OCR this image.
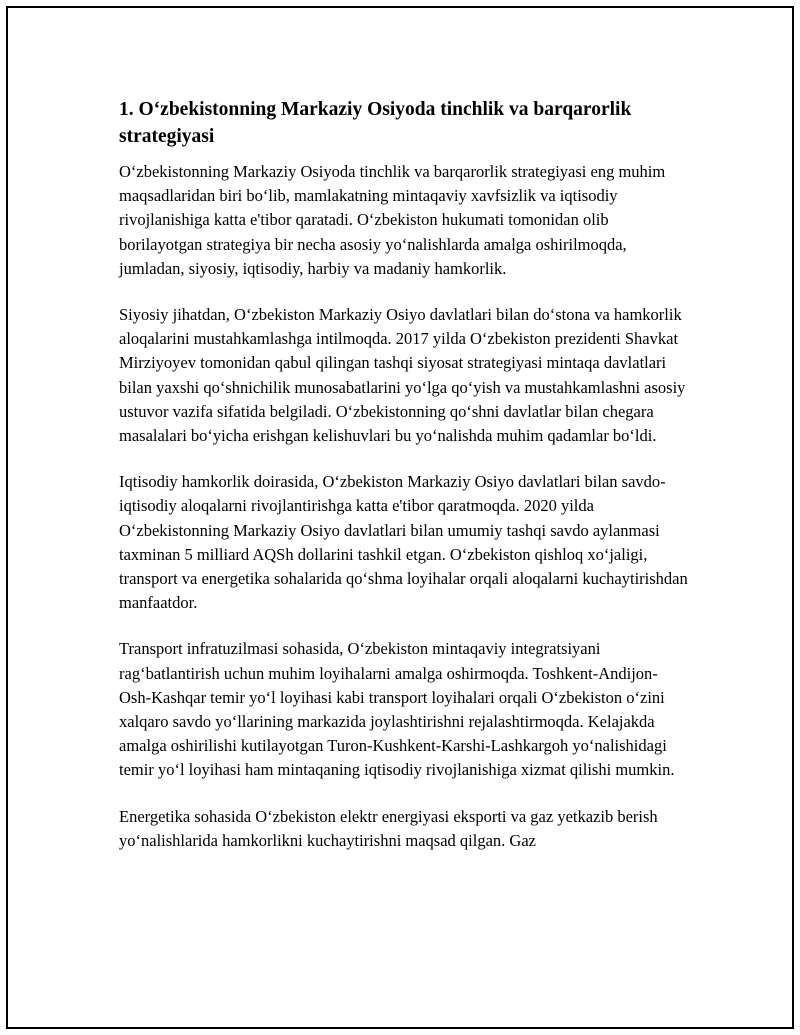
1. O‘zbekistonning Markaziy Osiyoda tinchlik va barqarorlik strategiyasi

O‘zbekistonning Markaziy Osiyoda tinchlik va barqarorlik strategiyasi eng muhim maqsadlaridan biri bo‘lib, mamlakatning mintaqaviy xavfsizlik va iqtisodiy rivojlanishiga katta e'tibor qaratadi. O‘zbekiston hukumati tomonidan olib borilayotgan strategiya bir necha asosiy yo‘nalishlarda amalga oshirilmoqda, jumladan, siyosiy, iqtisodiy, harbiy va madaniy hamkorlik.

Siyosiy jihatdan, O‘zbekiston Markaziy Osiyo davlatlari bilan do‘stona va hamkorlik aloqalarini mustahkamlashga intilmoqda. 2017 yilda O‘zbekiston prezidenti Shavkat Mirziyoyev tomonidan qabul qilingan tashqi siyosat strategiyasi mintaqa davlatlari bilan yaxshi qo‘shnichilik munosabatlarini yo‘lga qo‘yish va mustahkamlashni asosiy ustuvor vazifa sifatida belgiladi. O‘zbekistonning qo‘shni davlatlar bilan chegara masalalari bo‘yicha erishgan kelishuvlari bu yo‘nalishda muhim qadamlar bo‘ldi.

Iqtisodiy hamkorlik doirasida, O‘zbekiston Markaziy Osiyo davlatlari bilan savdo-iqtisodiy aloqalarni rivojlantirishga katta e'tibor qaratmoqda. 2020 yilda O‘zbekistonning Markaziy Osiyo davlatlari bilan umumiy tashqi savdo aylanmasi taxminan 5 milliard AQSh dollarini tashkil etgan. O‘zbekiston qishloq xo‘jaligi, transport va energetika sohalarida qo‘shma loyihalar orqali aloqalarni kuchaytirishdan manfaatdor.

Transport infratuzilmasi sohasida, O‘zbekiston mintaqaviy integratsiyani rag‘batlantirish uchun muhim loyihalarni amalga oshirmoqda. Toshkent-Andijon-Osh-Kashqar temir yo‘l loyihasi kabi transport loyihalari orqali O‘zbekiston o‘zini xalqaro savdo yo‘llarining markazida joylashtirishni rejalashtirmoqda. Kelajakda amalga oshirilishi kutilayotgan Turon-Kushkent-Karshi-Lashkargoh yo‘nalishidagi temir yo‘l loyihasi ham mintaqaning iqtisodiy rivojlanishiga xizmat qilishi mumkin.

Energetika sohasida O‘zbekiston elektr energiyasi eksporti va gaz yetkazib berish yo‘nalishlarida hamkorlikni kuchaytirishni maqsad qilgan. Gaz
